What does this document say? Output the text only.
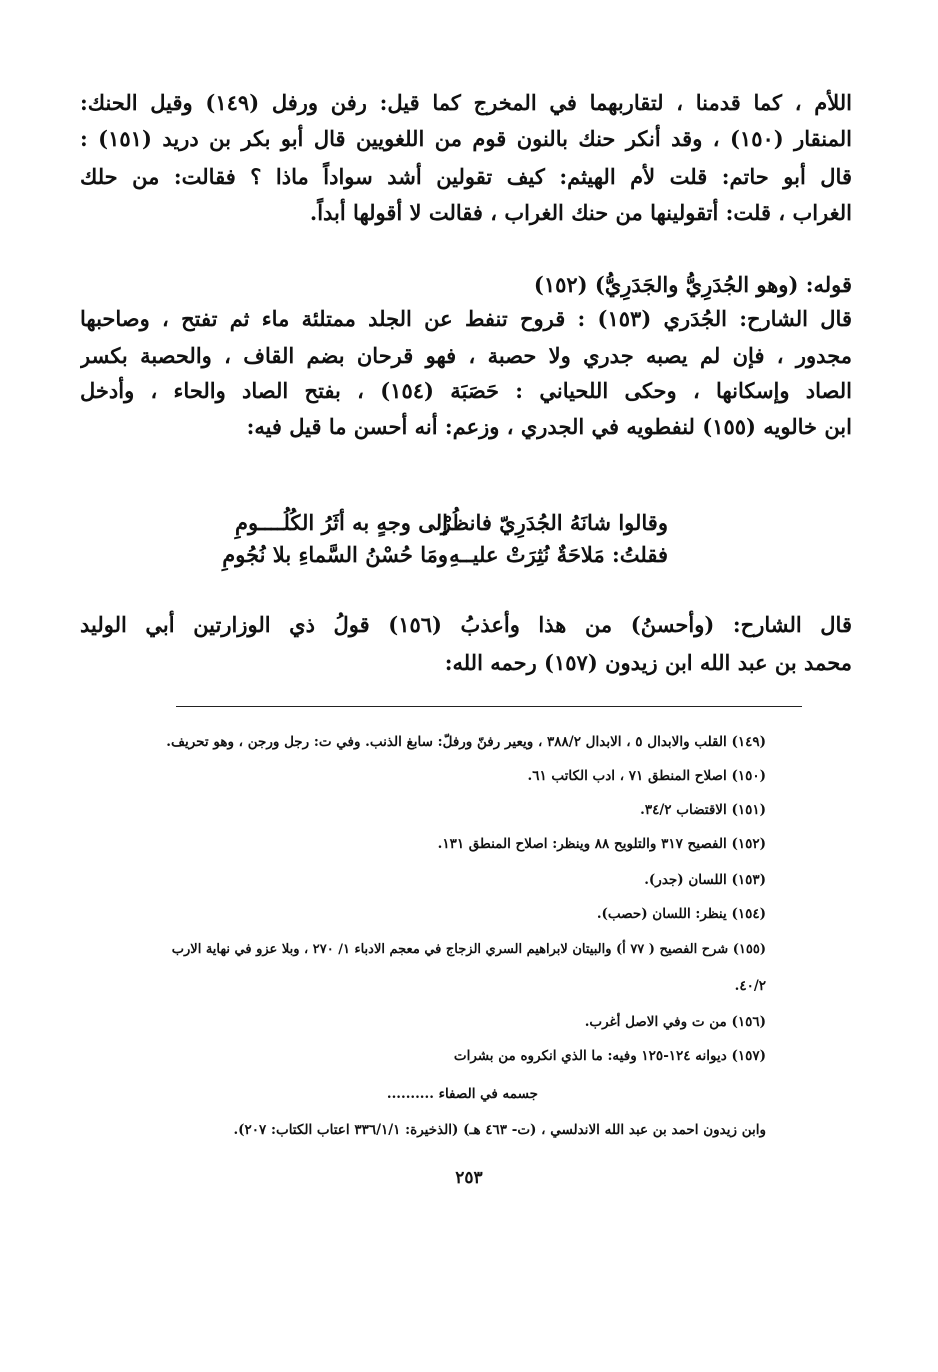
اللأم ، كما قدمنا ، لتقاربهما في المخرج كما قيل: رفن ورفل (١٤٩) وقيل الحنك:
المنقار (١٥٠) ، وقد أنكر حنك بالنون قوم من اللغويين قال أبو بكر بن دريد (١٥١) :
قال أبو حاتم: قلت لأم الهيثم: كيف تقولين أشد سواداً ماذا ؟ فقالت: من حلك
الغراب ، قلت: أتقولينها من حنك الغراب ، فقالت لا أقولها أبداً.
قوله: (وهو الجُدَرِيُّ والجَدَرِيُّ) (١٥٢)
قال الشارح: الجُدَري (١٥٣) : قروح تنفط عن الجلد ممتلئة ماء ثم تفتح ، وصاحبها
مجدور ، فإن لم يصبه جدري ولا حصبة ، فهو قرحان بضم القاف ، والحصبة بكسر
الصاد وإسكانها ، وحكى اللحياني : حَصَبَة (١٥٤) ، بفتح الصاد والحاء ، وأدخل
ابن خالويه (١٥٥) لنفطويه في الجدري ، وزعم: أنه أحسن ما قيل فيه:
وقالوا شانَهُ الجُدَرِيّ فانظُرْ
إلى وجهٍ به أثَرُ الكُلُــــومِ
فقلتُ: مَلاحَةٌ نُثِرَتْ عليــهِ
ومَا حُسْنُ السَّماءِ بلا نُجُومِ
قال الشارح: (وأحسنُ) من هذا وأعذبُ (١٥٦) قولُ ذي الوزارتين أبي الوليد
محمد بن عبد الله ابن زيدون (١٥٧) رحمه الله:
(١٤٩) القلب والابدال ٥ ، الابدال ٣٨٨/٢ ، ويعير رفنّ ورفلّ: سابغ الذنب. وفي ت: رجل ورجن ، وهو تحريف.
(١٥٠) اصلاح المنطق ٧١ ، ادب الكاتب ٦١.
(١٥١) الاقتضاب ٣٤/٢.
(١٥٢) الفصيح ٣١٧ والتلويح ٨٨ وينظر: اصلاح المنطق ١٣١.
(١٥٣) اللسان (جدر).
(١٥٤) ينظر: اللسان (حصب).
(١٥٥) شرح الفصيح ( ٧٧ أ) والبيتان لابراهيم السري الزجاج في معجم الادباء ١/ ٢٧٠ ، وبلا عزو في نهاية الارب
٤٠/٢.
(١٥٦) من ت وفي الاصل أغرب.
(١٥٧) ديوانه ١٢٤-١٢٥ وفيه: ما الذي انكروه من بشرات
جسمه في الصفاء ..........
وابن زيدون احمد بن عبد الله الاندلسي ، (ت- ٤٦٣ هـ) (الذخيرة: ٣٣٦/١/١ اعتاب الكتاب: ٢٠٧).
٢٥٣
